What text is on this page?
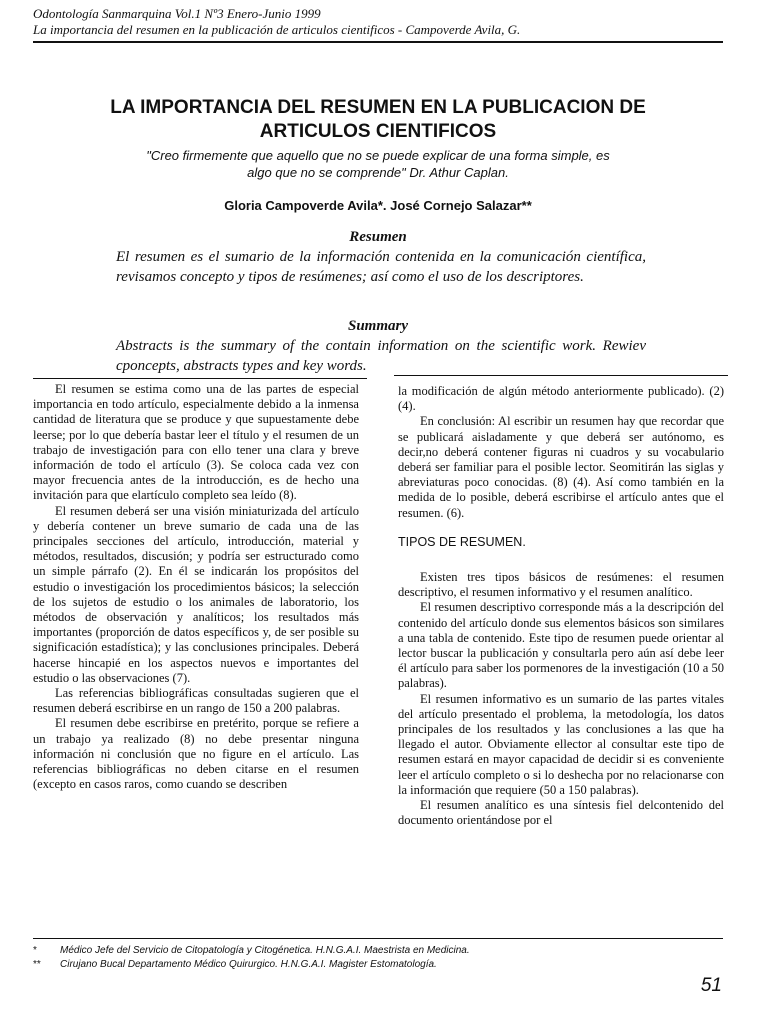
Odontología Sanmarquina Vol.1 Nº3 Enero-Junio 1999
La importancia del resumen en la publicación de articulos cientificos - Campoverde Avila, G.
LA IMPORTANCIA DEL RESUMEN EN LA PUBLICACION DE
ARTICULOS CIENTIFICOS
"Creo firmemente que aquello que no se puede explicar de una forma simple, es
algo que no se comprende" Dr. Athur Caplan.
Gloria Campoverde Avila*. José Cornejo Salazar**
Resumen
El resumen es el sumario de la información contenida en la comunicación científica, revisamos concepto y tipos de resúmenes; así como el uso de los descriptores.
Summary
Abstracts is the summary of the contain information on the scientific work. Rewiev cponcepts, abstracts types and key words.

El resumen se estima como una de las partes de especial importancia en todo artículo, especialmente debido a la inmensa cantidad de literatura que se produce y que supuestamente debe leerse; por lo que debería bastar leer el título y el resumen de un trabajo de investigación para con ello tener una clara y breve información de todo el artículo (3). Se coloca cada vez con mayor frecuencia antes de la introducción, es de hecho una invitación para que elartículo completo sea leído (8).

El resumen deberá ser una visión miniaturizada del artículo y debería contener un breve sumario de cada una de las principales secciones del artículo, introducción, material y métodos, resultados, discusión; y podría ser estructurado como un simple párrafo (2). En él se indicarán los propósitos del estudio o investigación los procedimientos básicos; la selección de los sujetos de estudio o los animales de laboratorio, los métodos de observación y analíticos; los resultados más importantes (proporción de datos específicos y, de ser posible su significación estadística); y las conclusiones principales. Deberá hacerse hincapié en los aspectos nuevos e importantes del estudio o las observaciones (7).

Las referencias bibliográficas consultadas sugieren que el resumen deberá escribirse en un rango de 150 a 200 palabras.

El resumen debe escribirse en pretérito, porque se refiere a un trabajo ya realizado (8) no debe presentar ninguna información ni conclusión que no figure en el artículo. Las referencias bibliográficas no deben citarse en el resumen (excepto en casos raros, como cuando se describen

la modificación de algún método anteriormente publicado). (2) (4).

En conclusión: Al escribir un resumen hay que recordar que se publicará aisladamente y que deberá ser autónomo, es decir,no deberá contener figuras ni cuadros y su vocabulario deberá ser familiar para el posible lector. Seomitirán las siglas y abreviaturas poco conocidas. (8) (4). Así como también en la medida de lo posible, deberá escribirse el artículo antes que el resumen. (6).

TIPOS DE RESUMEN.

Existen tres tipos básicos de resúmenes: el resumen descriptivo, el resumen informativo y el resumen analítico.

El resumen descriptivo corresponde más a la descripción del contenido del artículo donde sus elementos básicos son similares a una tabla de contenido. Este tipo de resumen puede orientar al lector buscar la publicación y consultarla pero aún así debe leer él artículo para saber los pormenores de la investigación (10 a 50 palabras).

El resumen informativo es un sumario de las partes vitales del artículo presentado el problema, la metodología, los datos principales de los resultados y las conclusiones a las que ha llegado el autor. Obviamente ellector al consultar este tipo de resumen estará en mayor capacidad de decidir si es conveniente leer el artículo completo o si lo deshecha por no relacionarse con la información que requiere (50 a 150 palabras).

El resumen analítico es una síntesis fiel delcontenido del documento orientándose por el

*	Médico Jefe del Servicio de Citopatología y Citogénetica. H.N.G.A.I. Maestrista en Medicina.
**	Cirujano Bucal Departamento Médico Quirurgico. H.N.G.A.I. Magister Estomatología.
51
